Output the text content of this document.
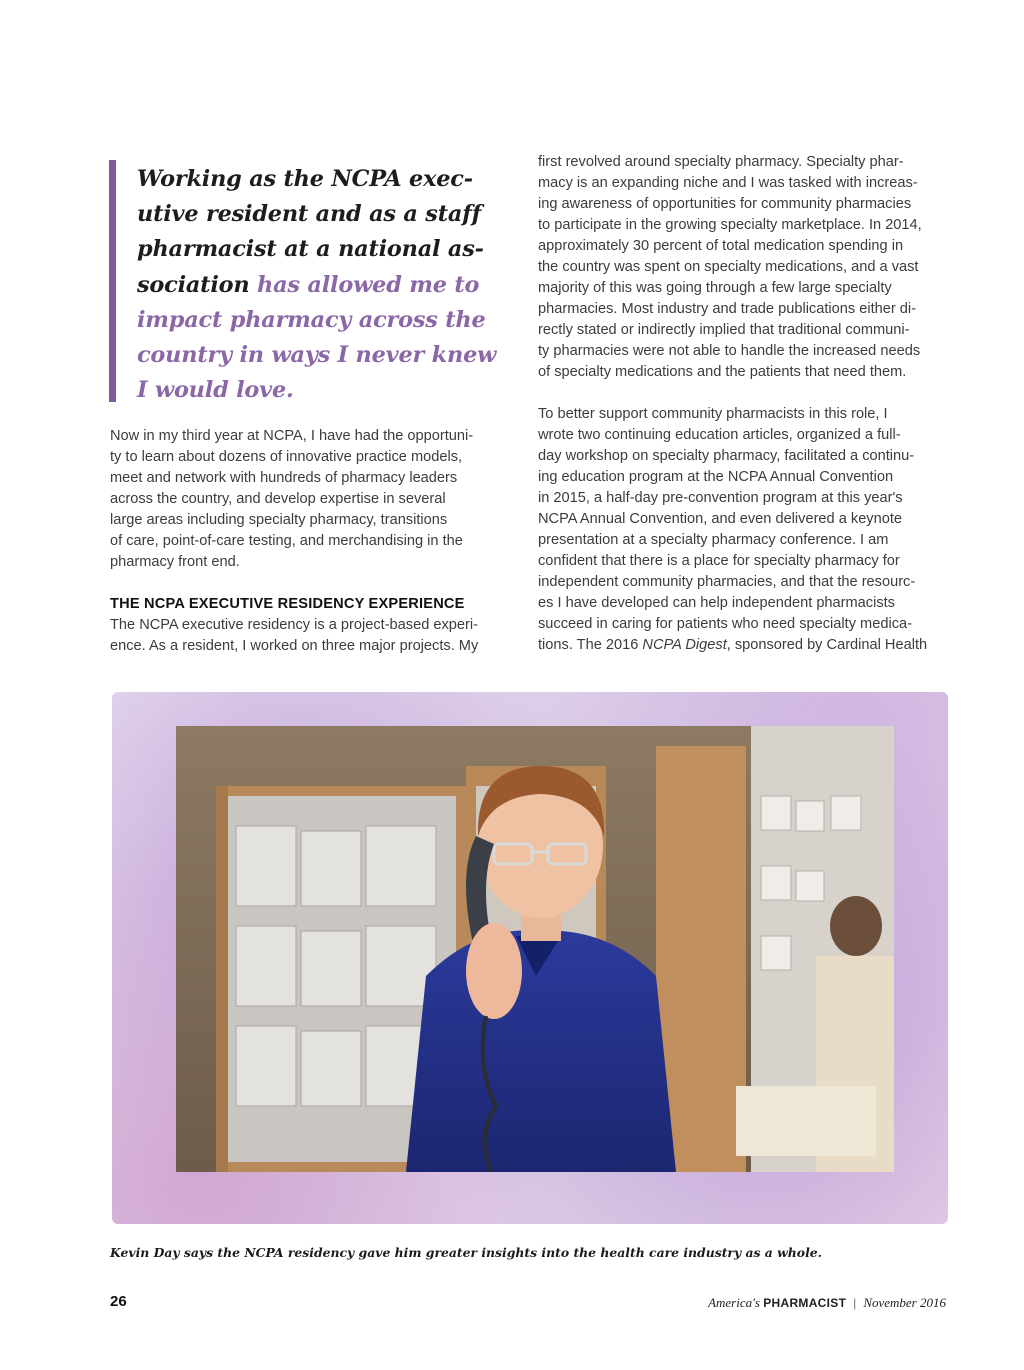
Working as the NCPA exec-
utive resident and as a staff
pharmacist at a national as-
sociation has allowed me to
impact pharmacy across the
country in ways I never knew
I would love.
Now in my third year at NCPA, I have had the opportuni-
ty to learn about dozens of innovative practice models,
meet and network with hundreds of pharmacy leaders
across the country, and develop expertise in several
large areas including specialty pharmacy, transitions
of care, point-of-care testing, and merchandising in the
pharmacy front end.
THE NCPA EXECUTIVE RESIDENCY EXPERIENCE
The NCPA executive residency is a project-based experi-
ence. As a resident, I worked on three major projects. My
first revolved around specialty pharmacy. Specialty phar-
macy is an expanding niche and I was tasked with increas-
ing awareness of opportunities for community pharmacies
to participate in the growing specialty marketplace. In 2014,
approximately 30 percent of total medication spending in
the country was spent on specialty medications, and a vast
majority of this was going through a few large specialty
pharmacies. Most industry and trade publications either di-
rectly stated or indirectly implied that traditional communi-
ty pharmacies were not able to handle the increased needs
of specialty medications and the patients that need them.
To better support community pharmacists in this role, I
wrote two continuing education articles, organized a full-
day workshop on specialty pharmacy, facilitated a continu-
ing education program at the NCPA Annual Convention
in 2015, a half-day pre-convention program at this year's
NCPA Annual Convention, and even delivered a keynote
presentation at a specialty pharmacy conference. I am
confident that there is a place for specialty pharmacy for
independent community pharmacies, and that the resourc-
es I have developed can help independent pharmacists
succeed in caring for patients who need specialty medica-
tions. The 2016 NCPA Digest, sponsored by Cardinal Health
Kevin Day says the NCPA residency gave him greater insights into the health care industry as a whole.
26	America's PHARMACIST | November 2016
